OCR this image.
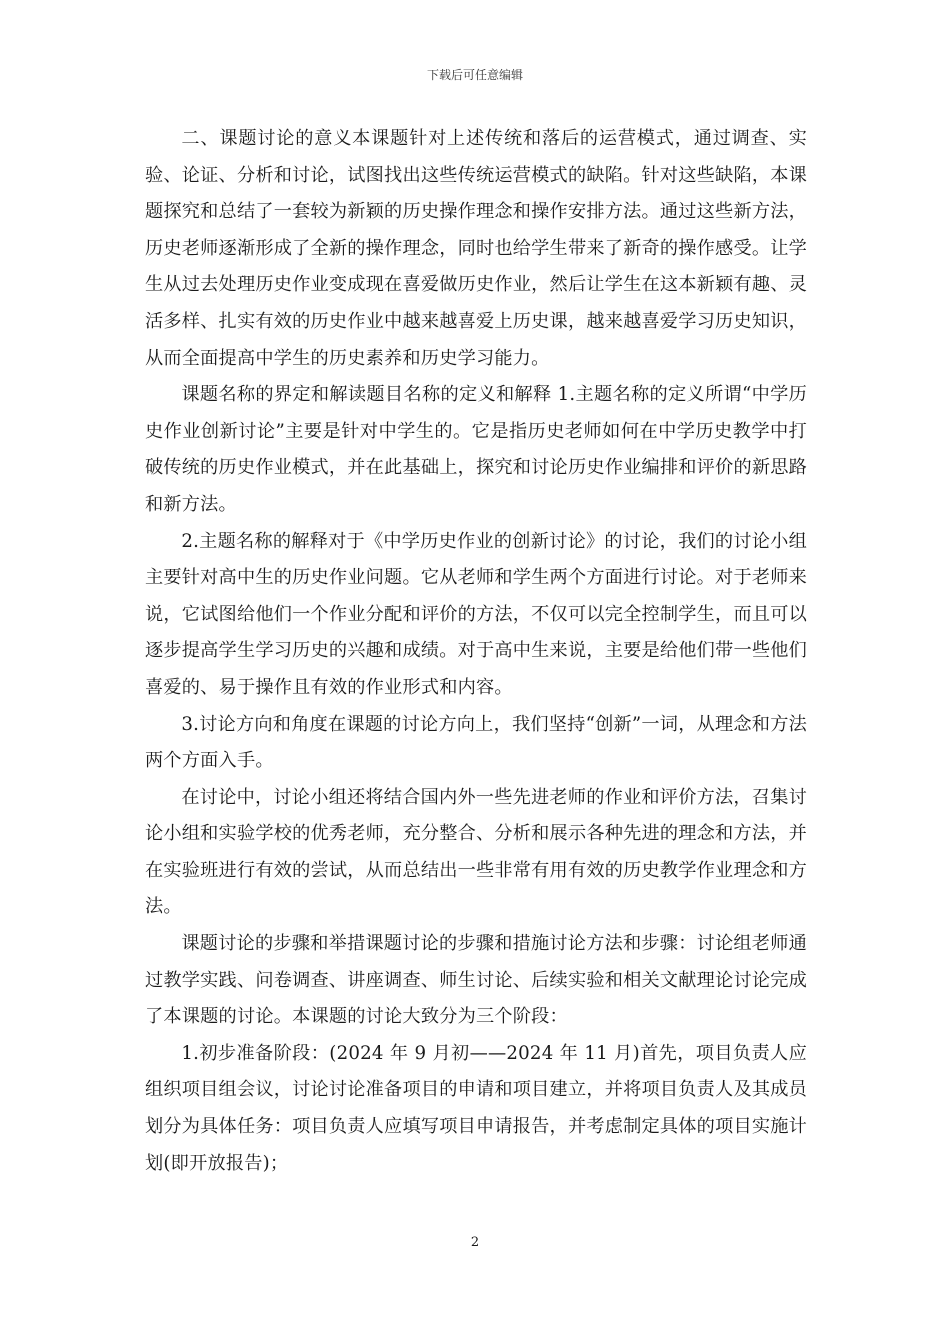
下载后可任意编辑

二、课题讨论的意义本课题针对上述传统和落后的运营模式，通过调查、实验、论证、分析和讨论，试图找出这些传统运营模式的缺陷。针对这些缺陷，本课题探究和总结了一套较为新颖的历史操作理念和操作安排方法。通过这些新方法，历史老师逐渐形成了全新的操作理念，同时也给学生带来了新奇的操作感受。让学生从过去处理历史作业变成现在喜爱做历史作业，然后让学生在这本新颖有趣、灵活多样、扎实有效的历史作业中越来越喜爱上历史课，越来越喜爱学习历史知识，从而全面提高中学生的历史素养和历史学习能力。

课题名称的界定和解读题目名称的定义和解释 1.主题名称的定义所谓“中学历史作业创新讨论”主要是针对中学生的。它是指历史老师如何在中学历史教学中打破传统的历史作业模式，并在此基础上，探究和讨论历史作业编排和评价的新思路和新方法。

2.主题名称的解释对于《中学历史作业的创新讨论》的讨论，我们的讨论小组主要针对高中生的历史作业问题。它从老师和学生两个方面进行讨论。对于老师来说，它试图给他们一个作业分配和评价的方法，不仅可以完全控制学生，而且可以逐步提高学生学习历史的兴趣和成绩。对于高中生来说，主要是给他们带一些他们喜爱的、易于操作且有效的作业形式和内容。

3.讨论方向和角度在课题的讨论方向上，我们坚持“创新”一词，从理念和方法两个方面入手。

在讨论中，讨论小组还将结合国内外一些先进老师的作业和评价方法，召集讨论小组和实验学校的优秀老师，充分整合、分析和展示各种先进的理念和方法，并在实验班进行有效的尝试，从而总结出一些非常有用有效的历史教学作业理念和方法。

课题讨论的步骤和举措课题讨论的步骤和措施讨论方法和步骤：讨论组老师通过教学实践、问卷调查、讲座调查、师生讨论、后续实验和相关文献理论讨论完成了本课题的讨论。本课题的讨论大致分为三个阶段：

1.初步准备阶段：(2024 年 9 月初——2024 年 11 月)首先，项目负责人应组织项目组会议，讨论讨论准备项目的申请和项目建立，并将项目负责人及其成员划分为具体任务：项目负责人应填写项目申请报告，并考虑制定具体的项目实施计划(即开放报告)；

2
